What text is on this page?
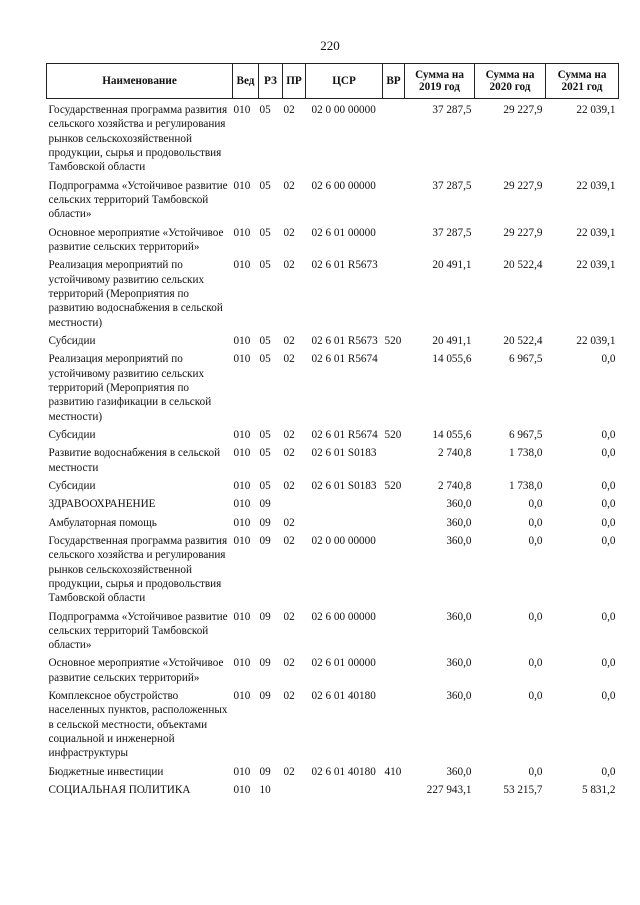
220
Наименование	Вед	РЗ	ПР	ЦСР	ВР	Сумма на 2019 год	Сумма на 2020 год	Сумма на 2021 год
Государственная программа развития сельского хозяйства и регулирования рынков сельскохозяйственной продукции, сырья и продовольствия Тамбовской области	010	05	02	02 0 00 00000		37 287,5	29 227,9	22 039,1
Подпрограмма «Устойчивое развитие сельских территорий Тамбовской области»	010	05	02	02 6 00 00000		37 287,5	29 227,9	22 039,1
Основное мероприятие «Устойчивое развитие сельских территорий»	010	05	02	02 6 01 00000		37 287,5	29 227,9	22 039,1
Реализация мероприятий по устойчивому развитию сельских территорий (Мероприятия по развитию водоснабжения в сельской местности)	010	05	02	02 6 01 R5673		20 491,1	20 522,4	22 039,1
Субсидии	010	05	02	02 6 01 R5673	520	20 491,1	20 522,4	22 039,1
Реализация мероприятий по устойчивому развитию сельских территорий (Мероприятия по развитию газификации в сельской местности)	010	05	02	02 6 01 R5674		14 055,6	6 967,5	0,0
Субсидии	010	05	02	02 6 01 R5674	520	14 055,6	6 967,5	0,0
Развитие водоснабжения в сельской местности	010	05	02	02 6 01 S0183		2 740,8	1 738,0	0,0
Субсидии	010	05	02	02 6 01 S0183	520	2 740,8	1 738,0	0,0
ЗДРАВООХРАНЕНИЕ	010	09				360,0	0,0	0,0
Амбулаторная помощь	010	09	02			360,0	0,0	0,0
Государственная программа развития сельского хозяйства и регулирования рынков сельскохозяйственной продукции, сырья и продовольствия Тамбовской области	010	09	02	02 0 00 00000		360,0	0,0	0,0
Подпрограмма «Устойчивое развитие сельских территорий Тамбовской области»	010	09	02	02 6 00 00000		360,0	0,0	0,0
Основное мероприятие «Устойчивое развитие сельских территорий»	010	09	02	02 6 01 00000		360,0	0,0	0,0
Комплексное обустройство населенных пунктов, расположенных в сельской местности, объектами социальной и инженерной инфраструктуры	010	09	02	02 6 01 40180		360,0	0,0	0,0
Бюджетные инвестиции	010	09	02	02 6 01 40180	410	360,0	0,0	0,0
СОЦИАЛЬНАЯ ПОЛИТИКА	010	10				227 943,1	53 215,7	5 831,2
